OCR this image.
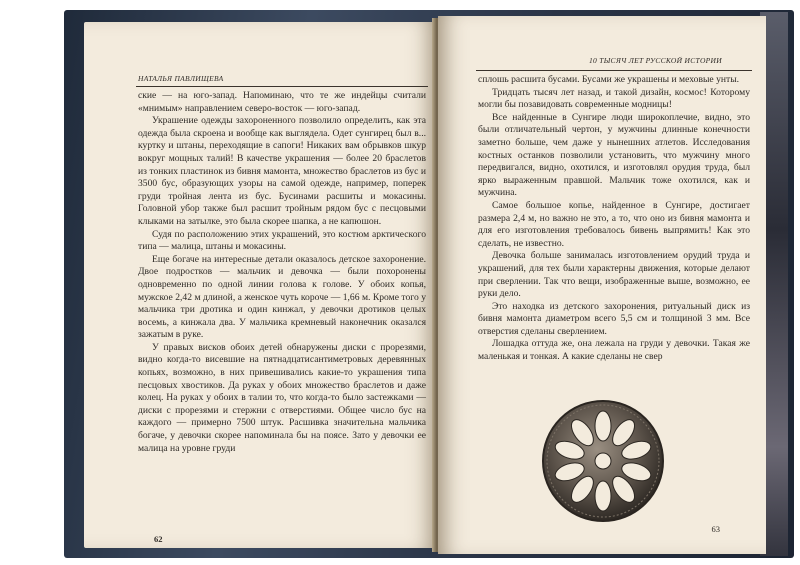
НАТАЛЬЯ ПАВЛИЩЕВА

ские — на юго-запад. Напоминаю, что те же индейцы считали «мнимым» направлением северо-восток — юго-запад.

Украшение одежды захороненного позволило определить, как эта одежда была скроена и вообще как выглядела. Одет сунгирец был в... куртку и штаны, переходящие в сапоги! Никаких вам обрывков шкур вокруг мощных талий! В качестве украшения — более 20 браслетов из тонких пластинок из бивня мамонта, множество браслетов из бус и 3500 бус, образующих узоры на самой одежде, например, поперек груди тройная лента из бус. Бусинами расшиты и мокасины. Головной убор также был расшит тройным рядом бус с песцовыми клыками на затылке, это была скорее шапка, а не капюшон.

Судя по расположению этих украшений, это костюм арктического типа — малица, штаны и мокасины.

Еще богаче на интересные детали оказалось детское захоронение. Двое подростков — мальчик и девочка — были похоронены одновременно по одной линии голова к голове. У обоих копья, мужское 2,42 м длиной, а женское чуть короче — 1,66 м. Кроме того у мальчика три дротика и один кинжал, у девочки дротиков целых восемь, а кинжала два. У мальчика кремневый наконечник оказался зажатым в руке.

У правых висков обоих детей обнаружены диски с прорезями, видно когда-то висевшие на пятнадцатисантиметровых деревянных копьях, возможно, в них привешивались какие-то украшения типа песцовых хвостиков. Да руках у обоих множество браслетов и даже колец. На руках у обоих в талии то, что когда-то было застежками — диски с прорезями и стержни с отверстиями. Общее число бус на каждого — примерно 7500 штук. Расшивка значительна мальчика богаче, у девочки скорее напоминала бы на поясе. Зато у девочки ее малица на уровне груди

62
10 ТЫСЯЧ ЛЕТ РУССКОЙ ИСТОРИИ

сплошь расшита бусами. Бусами же украшены и меховые унты.

Тридцать тысяч лет назад, и такой дизайн, космос! Которому могли бы позавидовать современные модницы!

Все найденные в Сунгире люди широкоплечие, видно, это были отличательный чертон, у мужчины длинные конечности заметно больше, чем даже у нынешних атлетов. Исследования костных останков позволили установить, что мужчину много передвигался, видно, охотился, и изготовлял орудия труда, был ярко выраженным правшой. Мальчик тоже охотился, как и мужчина.

Самое большое копье, найденное в Сунгире, достигает размера 2,4 м, но важно не это, а то, что оно из бивня мамонта и для его изготовления требовалось бивень выпрямить! Как это сделать, не известно.

Девочка больше занималась изготовлением орудий труда и украшений, для тех были характерны движения, которые делают при сверлении. Так что вещи, изображенные выше, возможно, ее руки дело.

Это находка из детского захоронения, ритуальный диск из бивня мамонта диаметром всего 5,5 см и толщиной 3 мм. Все отверстия сделаны сверлением.

Лошадка оттуда же, она лежала на груди у девочки. Такая же маленькая и тонкая. А какие сделаны не свер

63
